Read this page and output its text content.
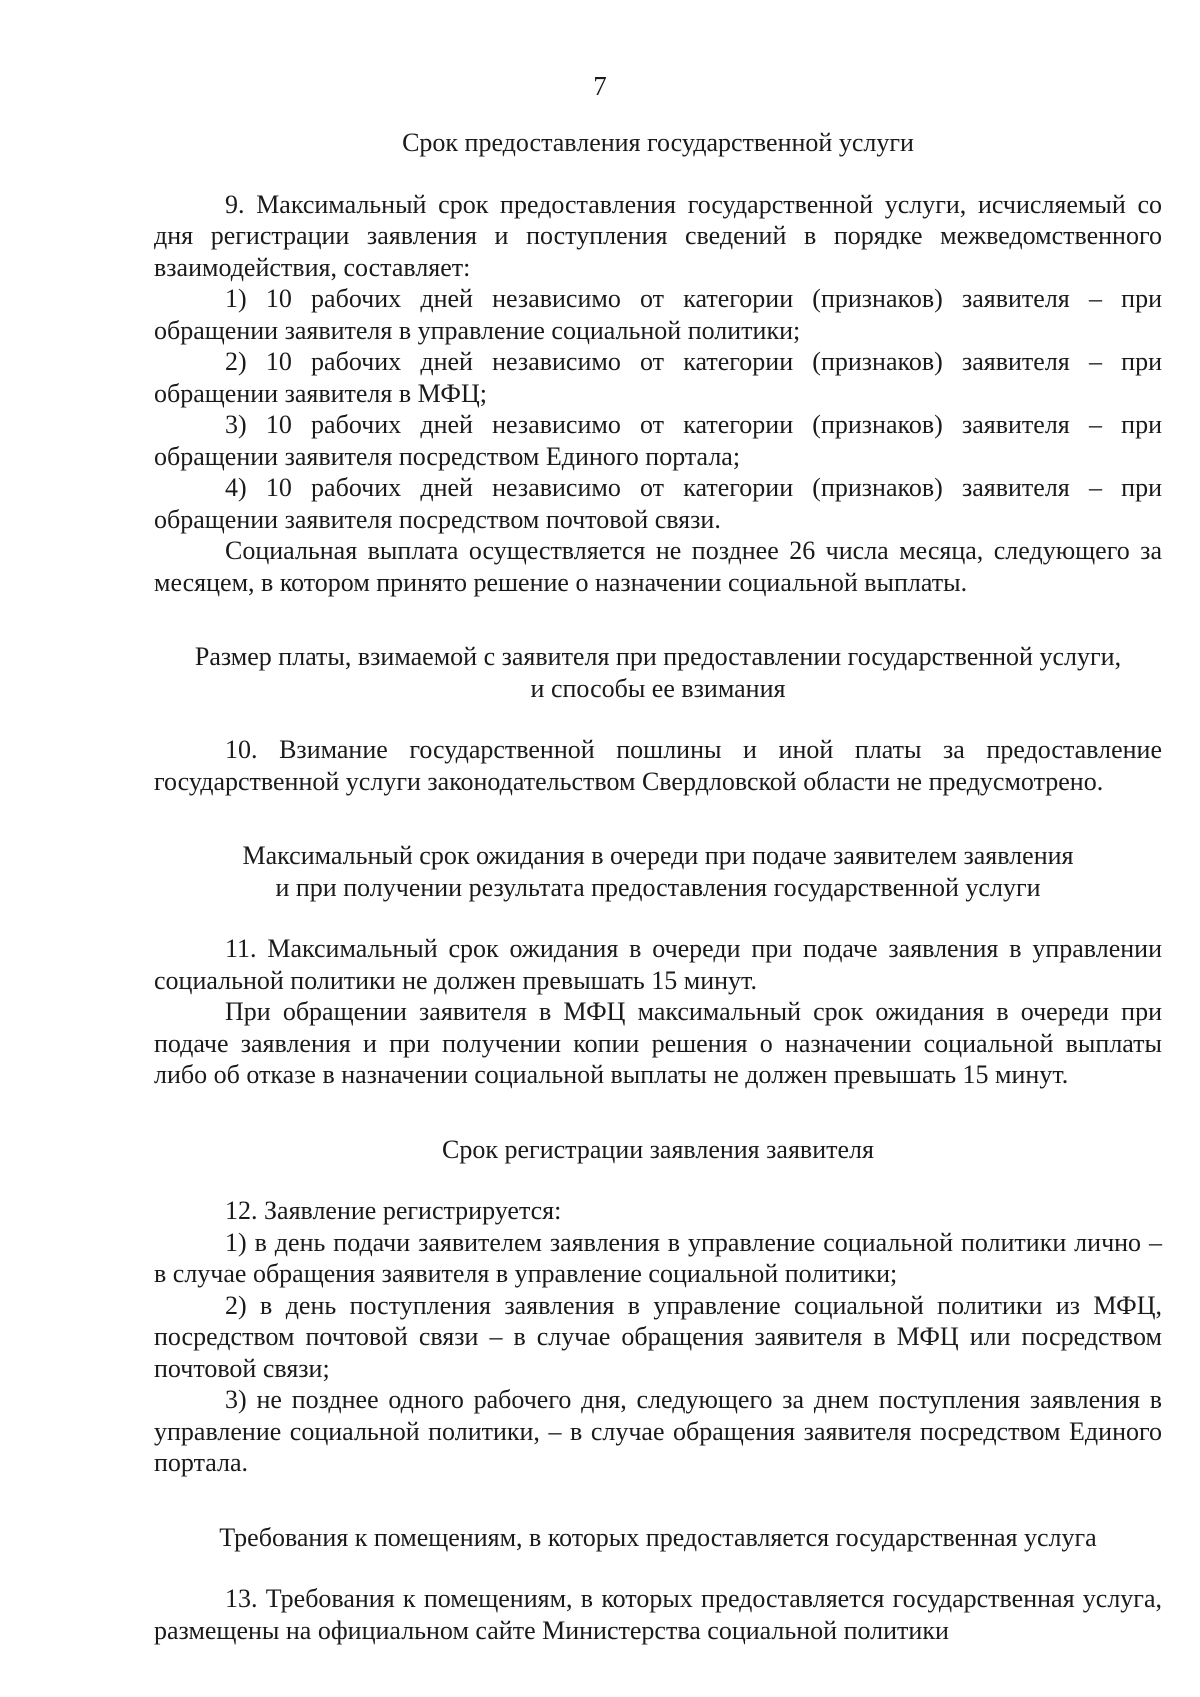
7

Срок предоставления государственной услуги

9. Максимальный срок предоставления государственной услуги, исчисляемый со дня регистрации заявления и поступления сведений в порядке межведомственного взаимодействия, составляет:

1) 10 рабочих дней независимо от категории (признаков) заявителя – при обращении заявителя в управление социальной политики;

2) 10 рабочих дней независимо от категории (признаков) заявителя – при обращении заявителя в МФЦ;

3) 10 рабочих дней независимо от категории (признаков) заявителя – при обращении заявителя посредством Единого портала;

4) 10 рабочих дней независимо от категории (признаков) заявителя – при обращении заявителя посредством почтовой связи.

Социальная выплата осуществляется не позднее 26 числа месяца, следующего за месяцем, в котором принято решение о назначении социальной выплаты.

Размер платы, взимаемой с заявителя при предоставлении государственной услуги,
и способы ее взимания

10. Взимание государственной пошлины и иной платы за предоставление государственной услуги законодательством Свердловской области не предусмотрено.

Максимальный срок ожидания в очереди при подаче заявителем заявления
и при получении результата предоставления государственной услуги

11. Максимальный срок ожидания в очереди при подаче заявления в управлении социальной политики не должен превышать 15 минут.

При обращении заявителя в МФЦ максимальный срок ожидания в очереди при подаче заявления и при получении копии решения о назначении социальной выплаты либо об отказе в назначении социальной выплаты не должен превышать 15 минут.

Срок регистрации заявления заявителя

12. Заявление регистрируется:

1) в день подачи заявителем заявления в управление социальной политики лично – в случае обращения заявителя в управление социальной политики;

2) в день поступления заявления в управление социальной политики из МФЦ, посредством почтовой связи – в случае обращения заявителя в МФЦ или посредством почтовой связи;

3) не позднее одного рабочего дня, следующего за днем поступления заявления в управление социальной политики, – в случае обращения заявителя посредством Единого портала.

Требования к помещениям, в которых предоставляется государственная услуга

13. Требования к помещениям, в которых предоставляется государственная услуга, размещены на официальном сайте Министерства социальной политики
